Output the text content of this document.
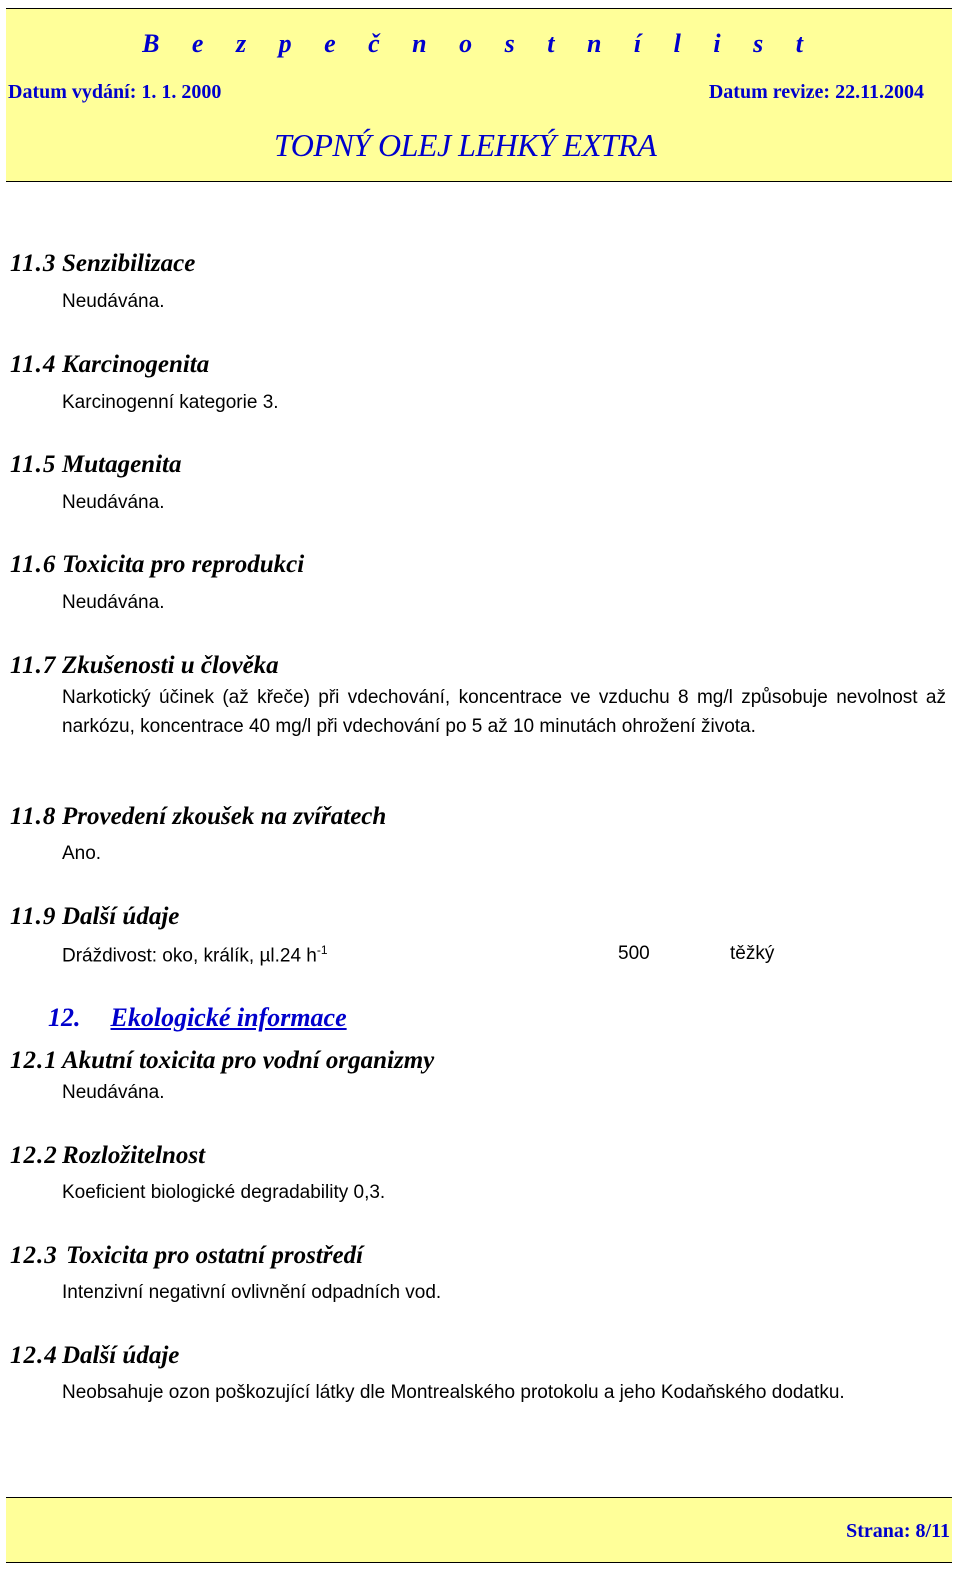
B e z p e č n o s t n í l i s t
Datum vydání: 1. 1. 2000	Datum revize: 22.11.2004
TOPNÝ OLEJ LEHKÝ EXTRA
11.3 Senzibilizace
Neudávána.
11.4 Karcinogenita
Karcinogenní kategorie 3.
11.5 Mutagenita
Neudávána.
11.6 Toxicita pro reprodukci
Neudávána.
11.7 Zkušenosti u člověka
Narkotický účinek (až křeče) při vdechování, koncentrace ve vzduchu 8 mg/l způsobuje nevolnost až narkózu, koncentrace 40 mg/l při vdechování po 5 až 10 minutách ohrožení života.
11.8 Provedení zkoušek na zvířatech
Ano.
11.9 Další údaje
Dráždivost: oko, králík, µl.24 $h^{-1}$	500	těžký
12. Ekologické informace
12.1 Akutní toxicita pro vodní organizmy
Neudávána.
12.2 Rozložitelnost
Koeficient biologické degradability 0,3.
12.3 Toxicita pro ostatní prostředí
Intenzivní negativní ovlivnění odpadních vod.
12.4 Další údaje
Neobsahuje ozon poškozující látky dle Montrealského protokolu a jeho Kodaňského dodatku.
Strana: 8/11
